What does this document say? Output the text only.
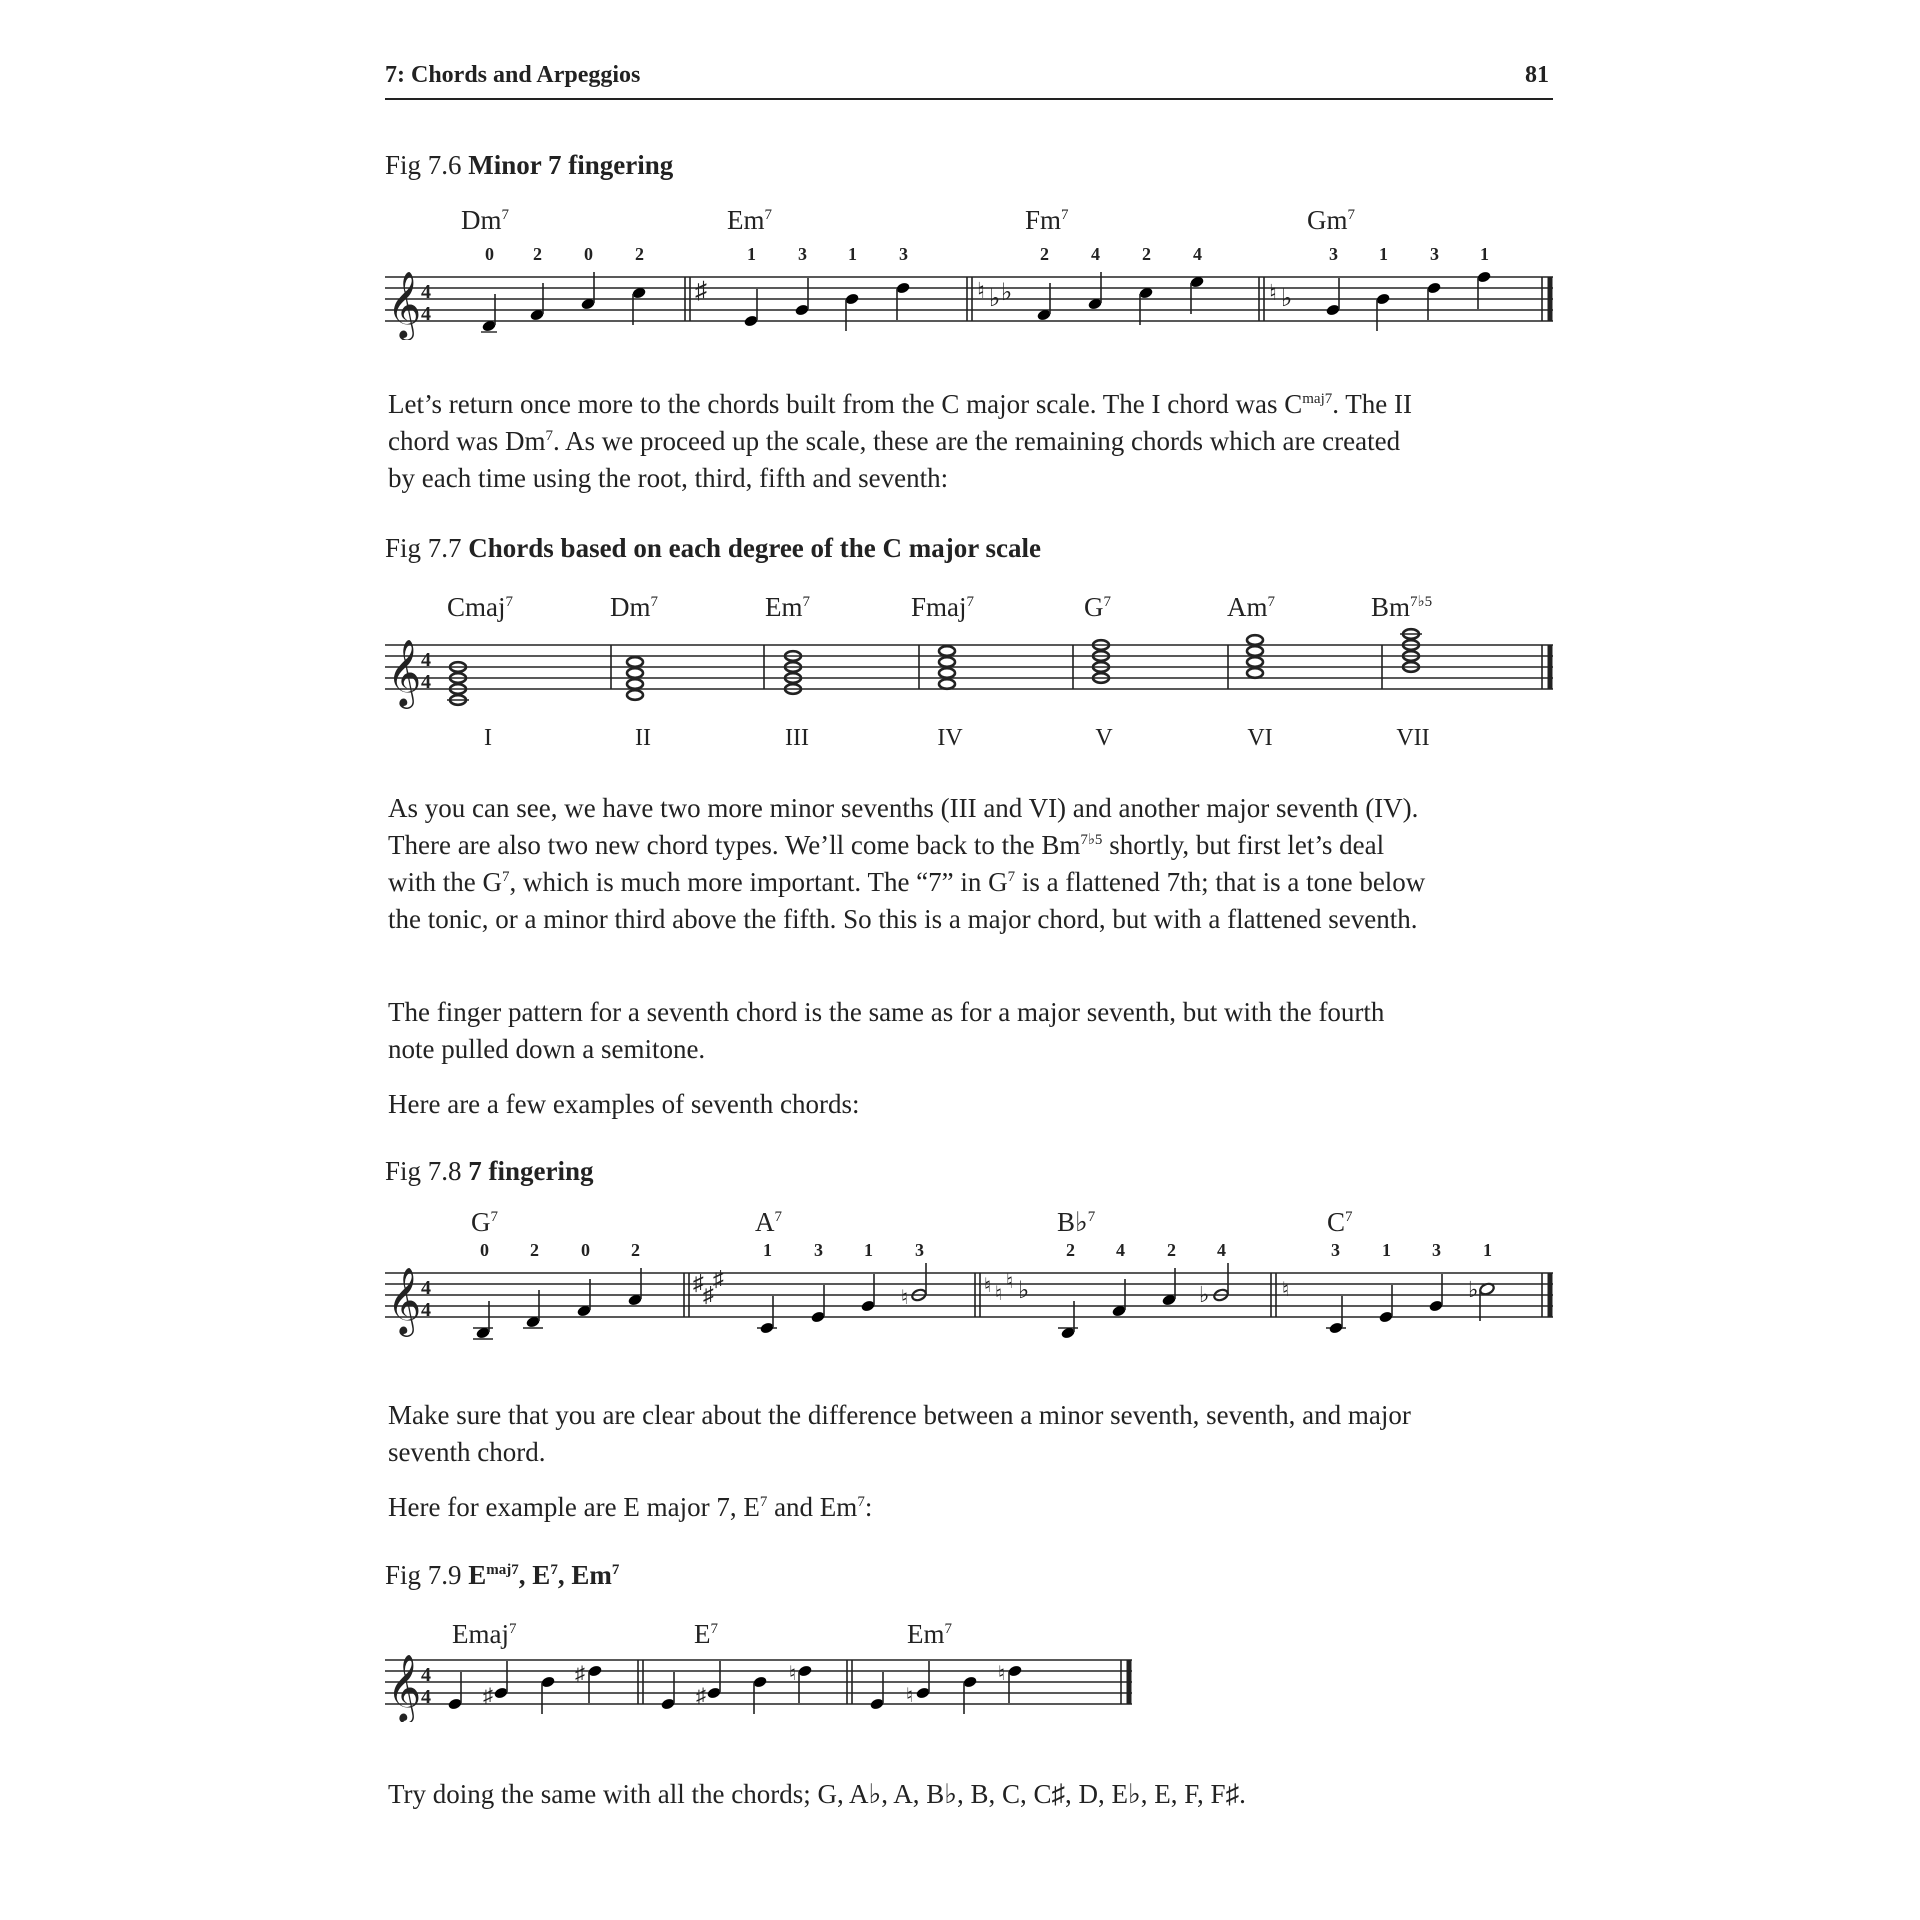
7: Chords and Arpeggios	81
Fig 7.6 Minor 7 fingering
Dm$^7$	Em$^7$	Fm$^7$	Gm$^7$
0 2 0 2	1 3 1 3	2 4 2 4	3 1 3 1
𝄞 4
4
♯	♮ ♭ ♭	♮ ♭

Let’s return once more to the chords built from the C major scale. The I chord was $C^{maj7}$. The II chord was Dm$^7$. As we proceed up the scale, these are the remaining chords which are created by each time using the root, third, fifth and seventh:

Fig 7.7 Chords based on each degree of the C major scale
Cmaj$^7$	Dm$^7$	Em$^7$	Fmaj$^7$	$G^7$	Am$^7$	$Bm^{7♭5}$
𝄞 4
4
I	II	III	IV	V	VI	VII

As you can see, we have two more minor sevenths (III and VI) and another major seventh (IV). There are also two new chord types. We’ll come back to the $Bm^{7♭5}$ shortly, but first let’s deal with the $G^7$, which is much more important. The “7” in $G^7$ is a flattened 7th; that is a tone below the tonic, or a minor third above the fifth. So this is a major chord, but with a flattened seventh.

The finger pattern for a seventh chord is the same as for a major seventh, but with the fourth note pulled down a semitone.

Here are a few examples of seventh chords:

Fig 7.8 7 fingering
$G^7$	$A^7$	B♭$^7$	$C^7$
0 2 0 2	1 3 1 3	2 4 2 4	3 1 3 1
𝄞 4
4
♯ ♯
♯
♮
♮ ♮
♮ ♭	♭	♮	♭

Make sure that you are clear about the difference between a minor seventh, seventh, and major seventh chord.

Here for example are E major 7, $E^7$ and Em$^7$:

Fig 7.9 $E^{maj7}$, $E^7$, Em$^7$
Emaj$^7$	$E^7$	Em$^7$
𝄞 4
4	♯
♯
♯
♮
♮
♮

Try doing the same with all the chords; G, A♭, A, B♭, B, C, C♯, D, E♭, E, F, F♯.
